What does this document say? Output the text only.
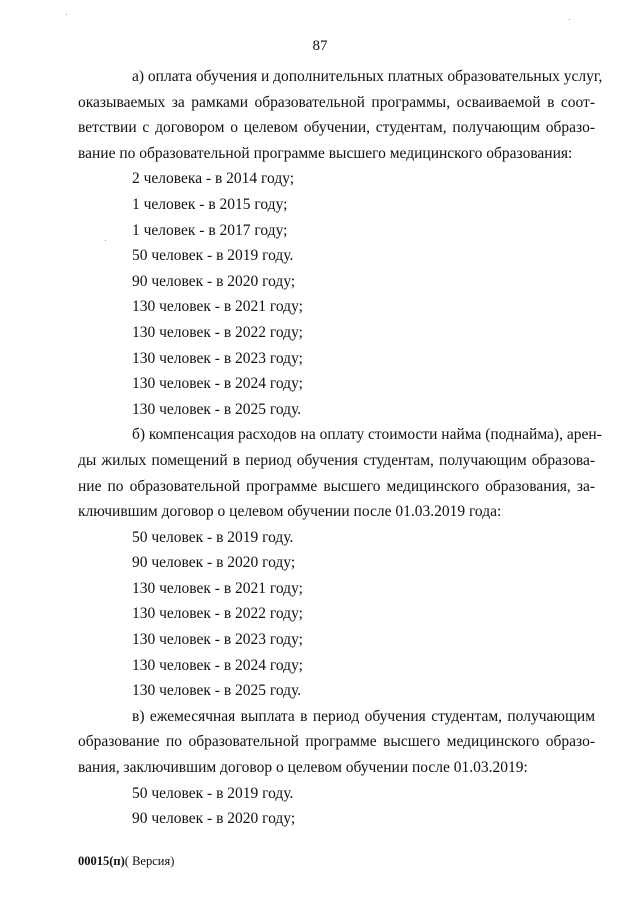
87
а) оплата обучения и дополнительных платных образовательных услуг,
оказываемых за рамками образовательной программы, осваиваемой в соот-
ветствии с договором о целевом обучении, студентам, получающим образо-
вание по образовательной программе высшего медицинского образования:
2 человека - в 2014 году;
1 человек - в 2015 году;
1 человек - в 2017 году;
50 человек - в 2019 году.
90 человек - в 2020 году;
130 человек - в 2021 году;
130 человек - в 2022 году;
130 человек - в 2023 году;
130 человек - в 2024 году;
130 человек - в 2025 году.
б) компенсация расходов на оплату стоимости найма (поднайма), арен-
ды жилых помещений в период обучения студентам, получающим образова-
ние по образовательной программе высшего медицинского образования, за-
ключившим договор о целевом обучении после 01.03.2019 года:
50 человек - в 2019 году.
90 человек - в 2020 году;
130 человек - в 2021 году;
130 человек - в 2022 году;
130 человек - в 2023 году;
130 человек - в 2024 году;
130 человек - в 2025 году.
в) ежемесячная выплата в период обучения студентам, получающим
образование по образовательной программе высшего медицинского образо-
вания, заключившим договор о целевом обучении после 01.03.2019:
50 человек - в 2019 году.
90 человек - в 2020 году;
00015(п)( Версия)
